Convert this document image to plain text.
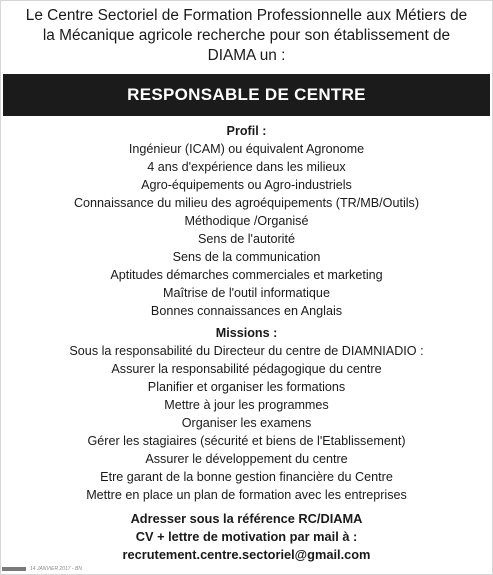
Le Centre Sectoriel de Formation Professionnelle aux Métiers de
la Mécanique agricole recherche pour son établissement de
DIAMA un :
RESPONSABLE DE CENTRE
Profil :
Ingénieur (ICAM) ou équivalent Agronome
4 ans d'expérience dans les milieux
Agro-équipements ou Agro-industriels
Connaissance du milieu des agroéquipements (TR/MB/Outils)
Méthodique /Organisé
Sens de l'autorité
Sens de la communication
Aptitudes démarches commerciales et marketing
Maîtrise de l'outil informatique
Bonnes connaissances en Anglais
Missions :
Sous la responsabilité du Directeur du centre de DIAMNIADIO :
Assurer la responsabilité pédagogique du centre
Planifier et organiser les formations
Mettre à jour les programmes
Organiser les examens
Gérer les stagiaires (sécurité et biens de l'Etablissement)
Assurer le développement du centre
Etre garant de la bonne gestion financière du Centre
Mettre en place un plan de formation avec les entreprises
Adresser sous la référence RC/DIAMA
CV + lettre de motivation par mail à :
recrutement.centre.sectoriel@gmail.com
14 JANVIER 2017 - BN
